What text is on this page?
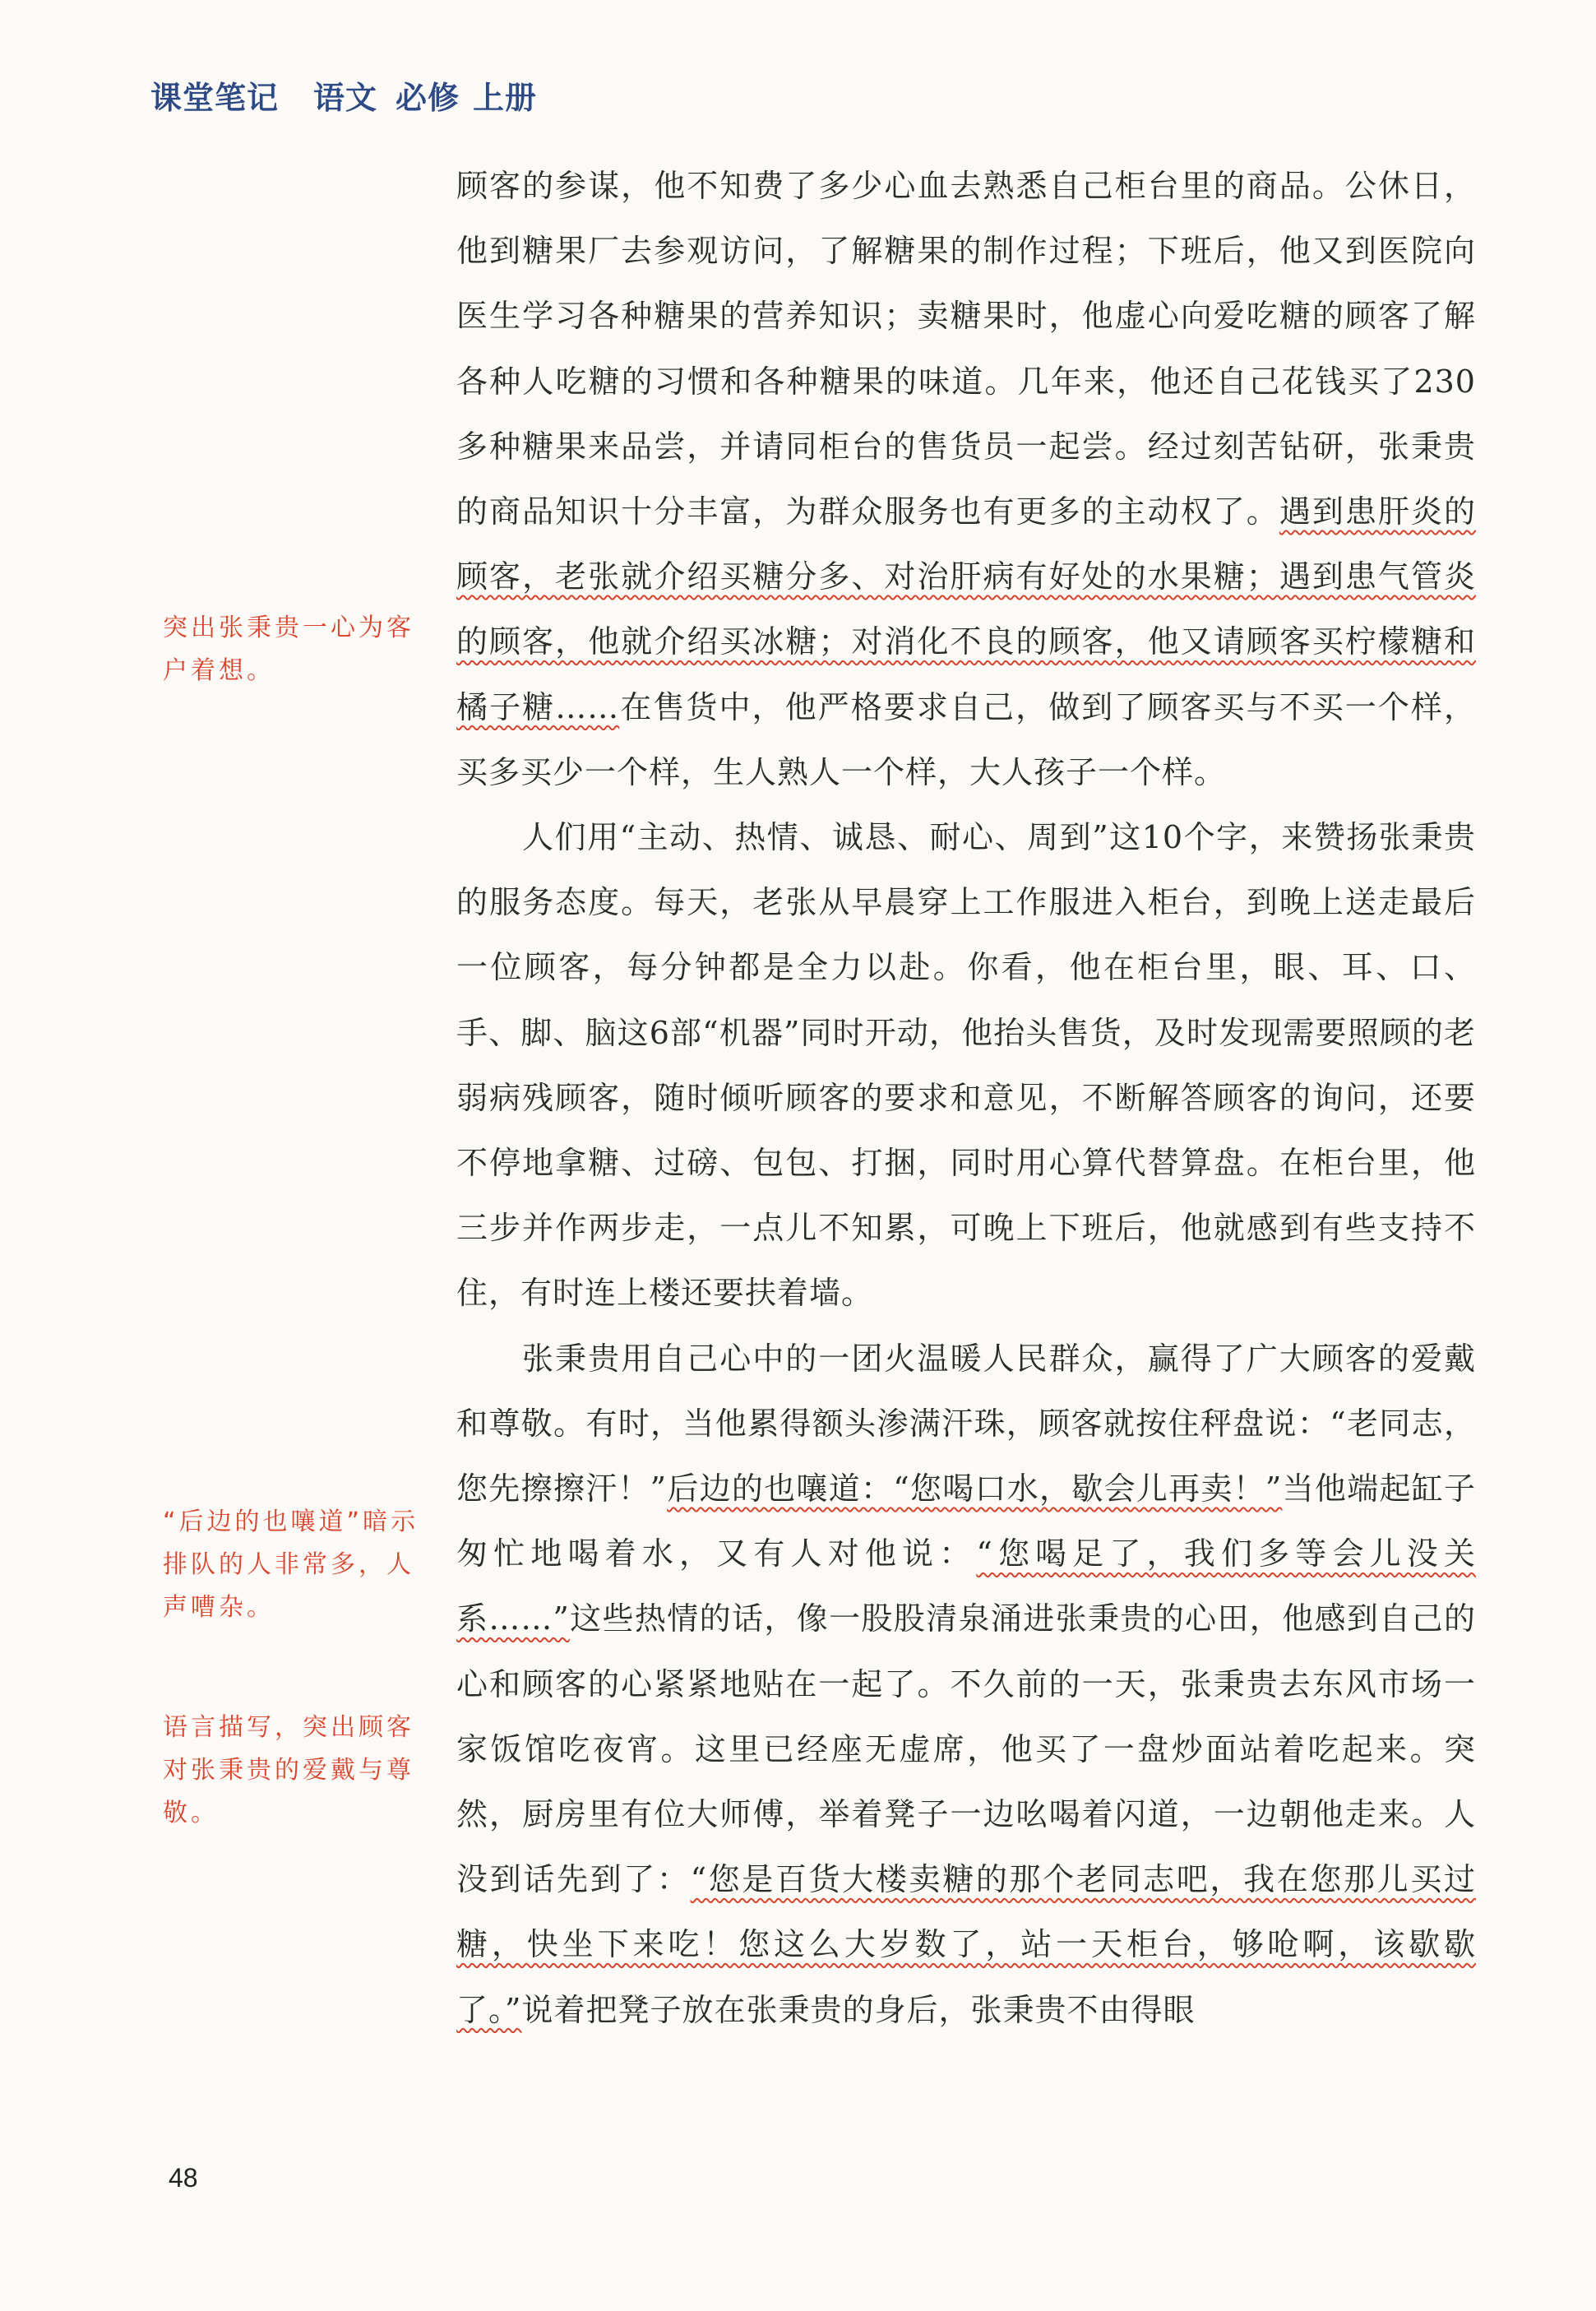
课堂笔记 语文 必修 上册

顾客的参谋，他不知费了多少心血去熟悉自己柜台里的商品。公休日，他到糖果厂去参观访问，了解糖果的制作过程；下班后，他又到医院向医生学习各种糖果的营养知识；卖糖果时，他虚心向爱吃糖的顾客了解各种人吃糖的习惯和各种糖果的味道。几年来，他还自己花钱买了230多种糖果来品尝，并请同柜台的售货员一起尝。经过刻苦钻研，张秉贵的商品知识十分丰富，为群众服务也有更多的主动权了。遇到患肝炎的顾客，老张就介绍买糖分多、对治肝病有好处的水果糖；遇到患气管炎的顾客，他就介绍买冰糖；对消化不良的顾客，他又请顾客买柠檬糖和橘子糖……在售货中，他严格要求自己，做到了顾客买与不买一个样，买多买少一个样，生人熟人一个样，大人孩子一个样。

人们用“主动、热情、诚恳、耐心、周到”这10个字，来赞扬张秉贵的服务态度。每天，老张从早晨穿上工作服进入柜台，到晚上送走最后一位顾客，每分钟都是全力以赴。你看，他在柜台里，眼、耳、口、手、脚、脑这6部“机器”同时开动，他抬头售货，及时发现需要照顾的老弱病残顾客，随时倾听顾客的要求和意见，不断解答顾客的询问，还要不停地拿糖、过磅、包包、打捆，同时用心算代替算盘。在柜台里，他三步并作两步走，一点儿不知累，可晚上下班后，他就感到有些支持不住，有时连上楼还要扶着墙。

张秉贵用自己心中的一团火温暖人民群众，赢得了广大顾客的爱戴和尊敬。有时，当他累得额头渗满汗珠，顾客就按住秤盘说：“老同志，您先擦擦汗！”后边的也嚷道：“您喝口水，歇会儿再卖！”当他端起缸子匆忙地喝着水，又有人对他说：“您喝足了，我们多等会儿没关系……”这些热情的话，像一股股清泉涌进张秉贵的心田，他感到自己的心和顾客的心紧紧地贴在一起了。不久前的一天，张秉贵去东风市场一家饭馆吃夜宵。这里已经座无虚席，他买了一盘炒面站着吃起来。突然，厨房里有位大师傅，举着凳子一边吆喝着闪道，一边朝他走来。人没到话先到了：“您是百货大楼卖糖的那个老同志吧，我在您那儿买过糖，快坐下来吃！您这么大岁数了，站一天柜台，够呛啊，该歇歇了。”说着把凳子放在张秉贵的身后，张秉贵不由得眼

突出张秉贵一心为客户着想。
“后边的也嚷道”暗示排队的人非常多，人声嘈杂。
语言描写，突出顾客对张秉贵的爱戴与尊敬。
48
